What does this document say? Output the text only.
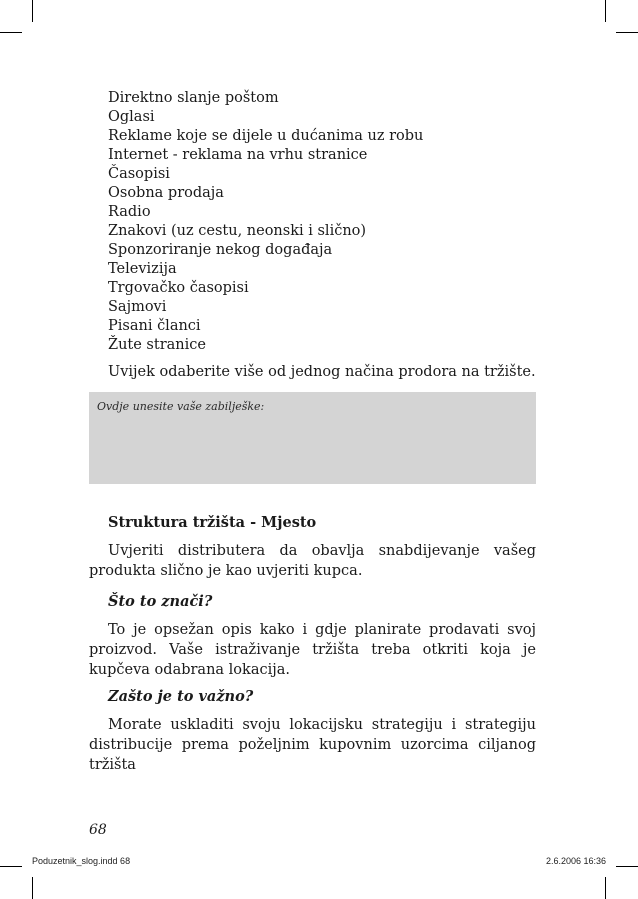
Direktno slanje poštom
Oglasi
Reklame koje se dijele u dućanima uz robu
Internet - reklama na vrhu stranice
Časopisi
Osobna prodaja
Radio
Znakovi (uz cestu, neonski i slično)
Sponzoriranje nekog događaja
Televizija
Trgovačko časopisi
Sajmovi
Pisani članci
Žute stranice
Uvijek odaberite više od jednog načina prodora na tržište.
Ovdje unesite vaše zabilješke:
Struktura tržišta - Mjesto

Uvjeriti distributera da obavlja snabdijevanje vašeg produkta slično je kao uvjeriti kupca.

Što to znači?

To je opsežan opis kako i gdje planirate prodavati svoj proizvod. Vaše istraživanje tržišta treba otkriti koja je kupčeva odabrana lokacija.

Zašto je to važno?

Morate uskladiti svoju lokacijsku strategiju i strategiju distribucije prema poželjnim kupovnim uzorcima ciljanog tržišta

68
Poduzetnik_slog.indd 68	2.6.2006 16:36
